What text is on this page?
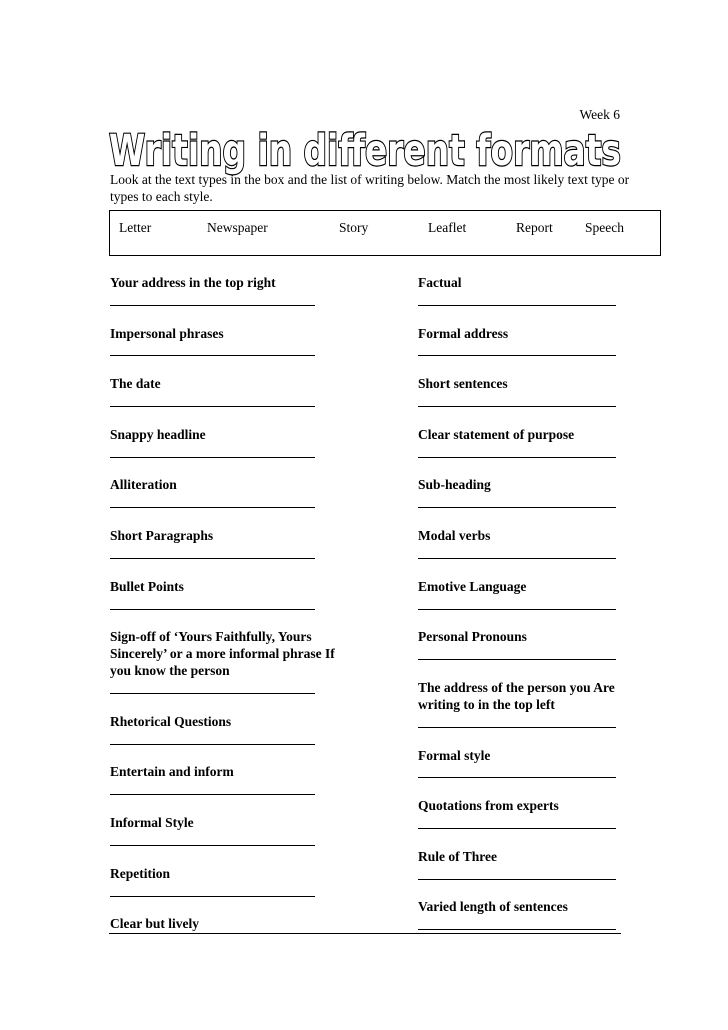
Week 6
Writing in different formats
Look at the text types in the box and the list of writing below. Match the most likely text type or types to each style.
Letter	Newspaper	Story	Leaflet	Report Speech
Your address in the top right
Impersonal phrases
The date
Snappy headline
Alliteration
Short Paragraphs
Bullet Points
Sign-off of ‘Yours Faithfully, Yours Sincerely’ or a more informal phrase If you know the person
Rhetorical Questions
Entertain and inform
Informal Style
Repetition
Clear but lively
Factual
Formal address
Short sentences
Clear statement of purpose
Sub-heading
Modal verbs
Emotive Language
Personal Pronouns
The address of the person you Are writing to in the top left
Formal style
Quotations from experts
Rule of Three
Varied length of sentences
